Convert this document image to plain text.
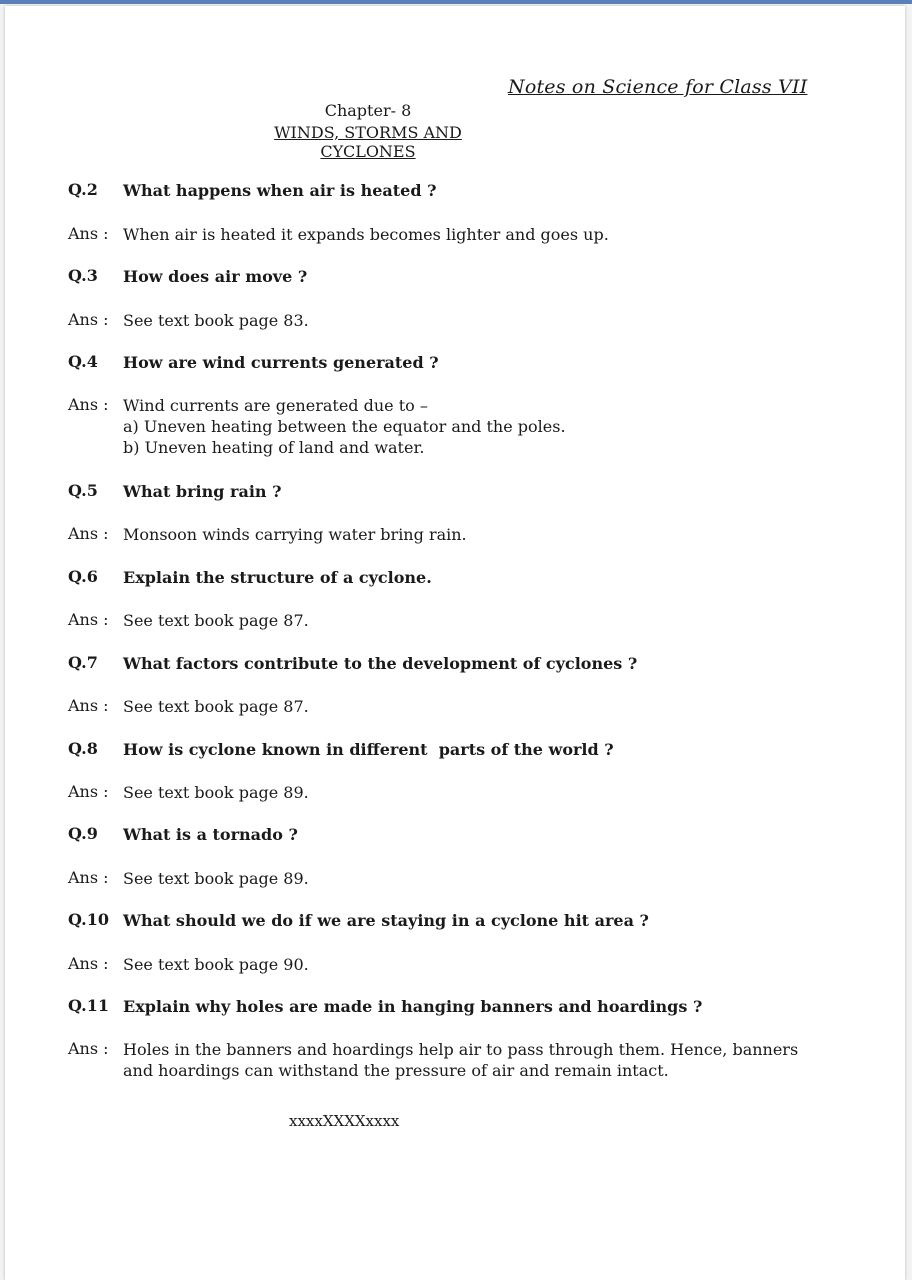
Notes on Science for Class VII
Chapter- 8
WINDS, STORMS AND CYCLONES
Q.2 What happens when air is heated ?
Ans : When air is heated it expands becomes lighter and goes up.
Q.3 How does air move ?
Ans : See text book page 83.
Q.4 How are wind currents generated ?
Ans : Wind currents are generated due to –
a) Uneven heating between the equator and the poles.
b) Uneven heating of land and water.
Q.5 What bring rain ?
Ans : Monsoon winds carrying water bring rain.
Q.6 Explain the structure of a cyclone.
Ans : See text book page 87.
Q.7 What factors contribute to the development of cyclones ?
Ans : See text book page 87.
Q.8 How is cyclone known in different  parts of the world ?
Ans : See text book page 89.
Q.9 What is a tornado ?
Ans : See text book page 89.
Q.10 What should we do if we are staying in a cyclone hit area ?
Ans : See text book page 90.
Q.11 Explain why holes are made in hanging banners and hoardings ?
Ans : Holes in the banners and hoardings help air to pass through them. Hence, banners
and hoardings can withstand the pressure of air and remain intact.
xxxxXXXXxxxx
